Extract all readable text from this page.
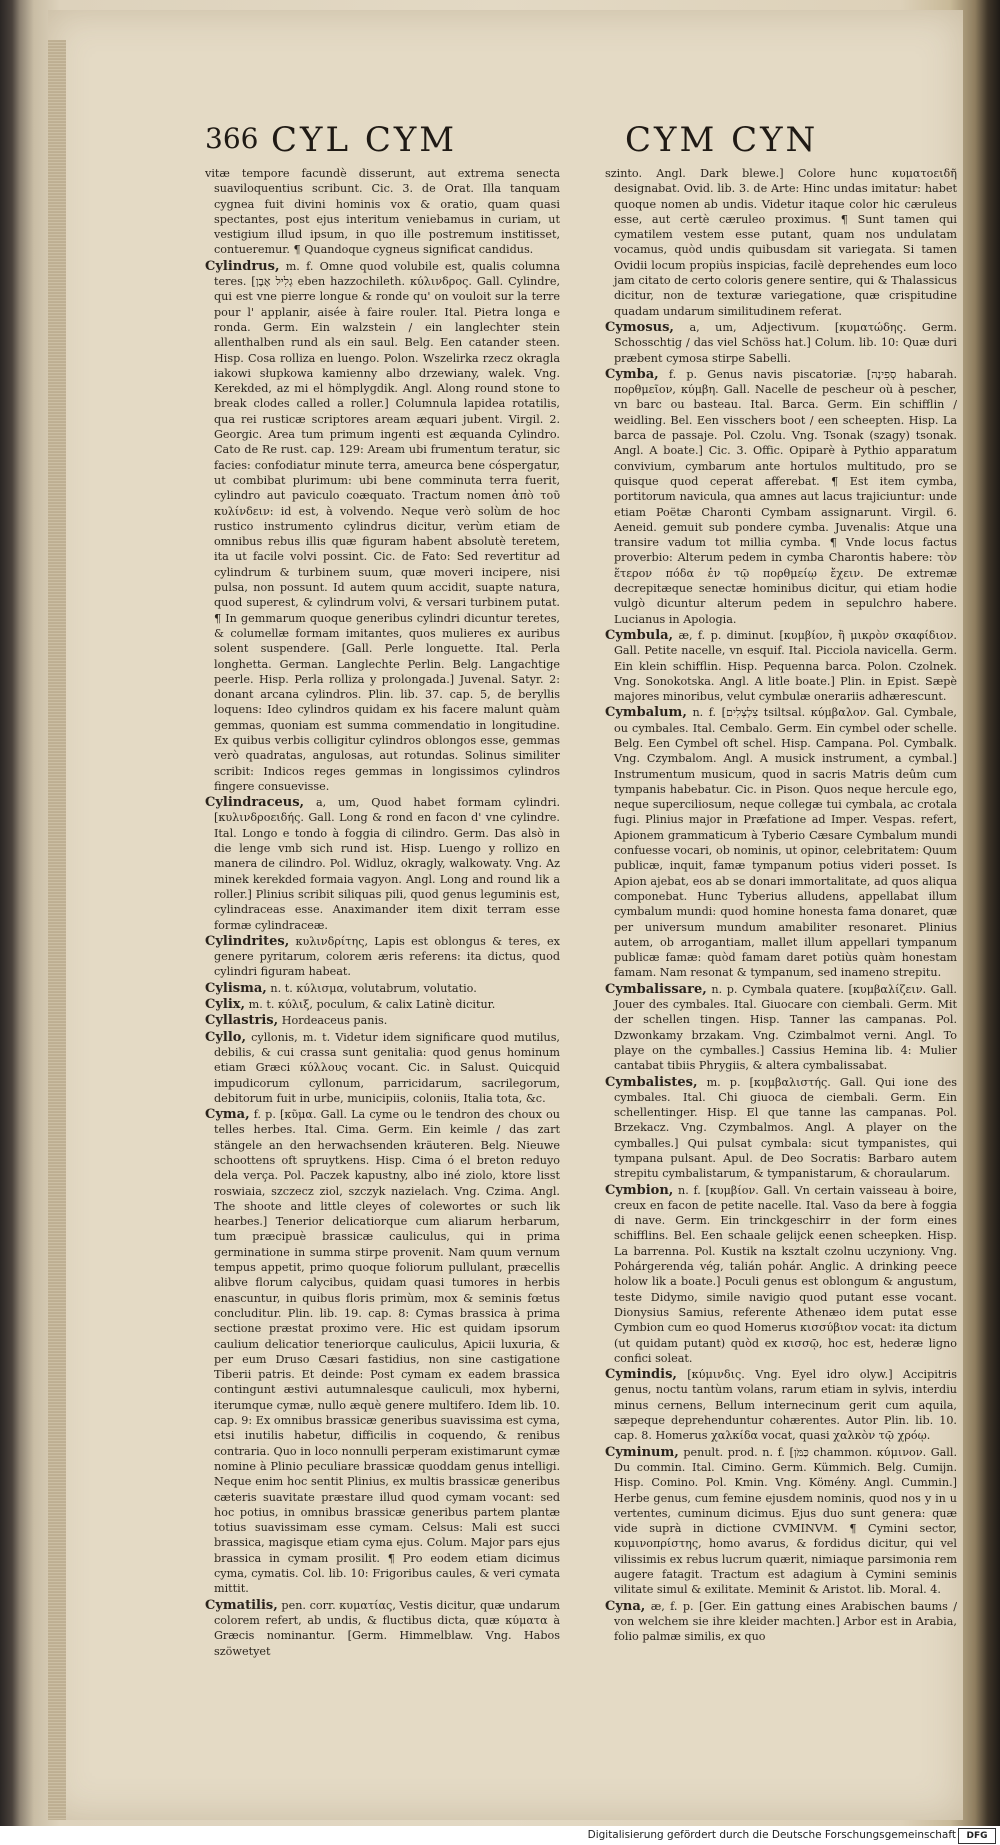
366 CYL CYM	CYM CYN

vitæ tempore facundè disserunt, aut extrema senecta suaviloquentius scribunt. Cic. 3. de Orat. Illa tanquam cygnea fuit divini hominis vox & oratio, quam quasi spectantes, post ejus interitum veniebamus in curiam, ut vestigium illud ipsum, in quo ille postremum institisset, contueremur. ¶ Quandoque cygneus significat candidus.

Cylindrus, m. f. Omne quod volubile est, qualis columna teres. [גְלִיל אֶבֶן eben hazzochileth. κύλινδρος. Gall. Cylindre, qui est vne pierre longue & ronde qu' on vouloit sur la terre pour l' applanir, aisée à faire rouler. Ital. Pietra longa e ronda. Germ. Ein walzstein / ein langlechter stein allenthalben rund als ein saul. Belg. Een catander steen. Hisp. Cosa rolliza en luengo. Polon. Wszelirka rzecz okragla iakowi słupkowa kamienny albo drzewiany, walek. Vng. Kerekded, az mi el hömplygdik. Angl. Along round stone to break clodes called a roller.] Columnula lapidea rotatilis, qua rei rusticæ scriptores aream æquari jubent. Virgil. 2. Georgic. Area tum primum ingenti est æquanda Cylindro. Cato de Re rust. cap. 129: Aream ubi frumentum teratur, sic facies: confodiatur minute terra, ameurca bene cóspergatur, ut combibat plurimum: ubi bene comminuta terra fuerit, cylindro aut paviculo coæquato. Tractum nomen ἀπὸ τοῦ κυλίνδειν: id est, à volvendo. Neque verò solùm de hoc rustico instrumento cylindrus dicitur, verùm etiam de omnibus rebus illis quæ figuram habent absolutè teretem, ita ut facile volvi possint. Cic. de Fato: Sed revertitur ad cylindrum & turbinem suum, quæ moveri incipere, nisi pulsa, non possunt. Id autem quum accidit, suapte natura, quod superest, & cylindrum volvi, & versari turbinem putat. ¶ In gemmarum quoque generibus cylindri dicuntur teretes, & columellæ formam imitantes, quos mulieres ex auribus solent suspendere. [Gall. Perle longuette. Ital. Perla longhetta. German. Langlechte Perlin. Belg. Langachtige peerle. Hisp. Perla rolliza y prolongada.] Juvenal. Satyr. 2: donant arcana cylindros. Plin. lib. 37. cap. 5, de beryllis loquens: Ideo cylindros quidam ex his facere malunt quàm gemmas, quoniam est summa commendatio in longitudine. Ex quibus verbis colligitur cylindros oblongos esse, gemmas verò quadratas, angulosas, aut rotundas. Solinus similiter scribit: Indicos reges gemmas in longissimos cylindros fingere consuevisse.

Cylindraceus, a, um, Quod habet formam cylindri. [κυλινδροειδής. Gall. Long & rond en facon d' vne cylindre. Ital. Longo e tondo à foggia di cilindro. Germ. Das alsò in die lenge vmb sich rund ist. Hisp. Luengo y rollizo en manera de cilindro. Pol. Widluz, okragly, walkowaty. Vng. Az minek kerekded formaia vagyon. Angl. Long and round lik a roller.] Plinius scribit siliquas pili, quod genus leguminis est, cylindraceas esse. Anaximander item dixit terram esse formæ cylindraceæ.

Cylindrites, κυλινδρίτης, Lapis est oblongus & teres, ex genere pyritarum, colorem æris referens: ita dictus, quod cylindri figuram habeat.

Cylisma, n. t. κύλισμα, volutabrum, volutatio.

Cylix, m. t. κύλιξ, poculum, & calix Latinè dicitur.

Cyllastris, Hordeaceus panis.

Cyllo, cyllonis, m. t. Videtur idem significare quod mutilus, debilis, & cui crassa sunt genitalia: quod genus hominum etiam Græci κύλλους vocant. Cic. in Salust. Quicquid impudicorum cyllonum, parricidarum, sacrilegorum, debitorum fuit in urbe, municipiis, coloniis, Italia tota, &c.

Cyma, f. p. [κῦμα. Gall. La cyme ou le tendron des choux ou telles herbes. Ital. Cima. Germ. Ein keimle / das zart stängele an den herwachsenden kräuteren. Belg. Nieuwe schoottens oft spruytkens. Hisp. Cima ó el breton reduyo dela verça. Pol. Paczek kapustny, albo iné ziolo, ktore lisst roswiaia, szczecz ziol, szczyk nazielach. Vng. Czima. Angl. The shoote and little cleyes of colewortes or such lik hearbes.] Tenerior delicatiorque cum aliarum herbarum, tum præcipuè brassicæ cauliculus, qui in prima germinatione in summa stirpe provenit. Nam quum vernum tempus appetit, primo quoque foliorum pullulant, præcellis alibve florum calycibus, quidam quasi tumores in herbis enascuntur, in quibus floris primùm, mox & seminis fœtus concluditur. Plin. lib. 19. cap. 8: Cymas brassica à prima sectione præstat proximo vere. Hic est quidam ipsorum caulium delicatior teneriorque cauliculus, Apicii luxuria, & per eum Druso Cæsari fastidius, non sine castigatione Tiberii patris. Et deinde: Post cymam ex eadem brassica contingunt æstivi autumnalesque cauliculi, mox hyberni, iterumque cymæ, nullo æquè genere multifero. Idem lib. 10. cap. 9: Ex omnibus brassicæ generibus suavissima est cyma, etsi inutilis habetur, difficilis in coquendo, & renibus contraria. Quo in loco nonnulli perperam existimarunt cymæ nomine à Plinio peculiare brassicæ quoddam genus intelligi. Neque enim hoc sentit Plinius, ex multis brassicæ generibus cæteris suavitate præstare illud quod cymam vocant: sed hoc potius, in omnibus brassicæ generibus partem plantæ totius suavissimam esse cymam. Celsus: Mali est succi brassica, magisque etiam cyma ejus. Colum. Major pars ejus brassica in cymam prosilit. ¶ Pro eodem etiam dicimus cyma, cymatis. Col. lib. 10: Frigoribus caules, & veri cymata mittit.

Cymatilis, pen. corr. κυματίας, Vestis dicitur, quæ undarum colorem refert, ab undis, & fluctibus dicta, quæ κύματα à Græcis nominantur. [Germ. Himmelblaw. Vng. Habos szöwetyet

szinto. Angl. Dark blewe.] Colore hunc κυματοειδῆ designabat. Ovid. lib. 3. de Arte: Hinc undas imitatur: habet quoque nomen ab undis. Videtur itaque color hic cæruleus esse, aut certè cæruleo proximus. ¶ Sunt tamen qui cymatilem vestem esse putant, quam nos undulatam vocamus, quòd undis quibusdam sit variegata. Si tamen Ovidii locum propiùs inspicias, facilè deprehendes eum loco jam citato de certo coloris genere sentire, qui & Thalassicus dicitur, non de texturæ variegatione, quæ crispitudine quadam undarum similitudinem referat.

Cymosus, a, um, Adjectivum. [κυματώδης. Germ. Schosschtig / das viel Schöss hat.] Colum. lib. 10: Quæ duri præbent cymosa stirpe Sabelli.

Cymba, f. p. Genus navis piscatoriæ. [סְפִינָה habarah. πορθμεῖον, κύμβη. Gall. Nacelle de pescheur où à pescher, vn barc ou basteau. Ital. Barca. Germ. Ein schifflin / weidling. Bel. Een visschers boot / een scheepten. Hisp. La barca de passaje. Pol. Czolu. Vng. Tsonak (szagy) tsonak. Angl. A boate.] Cic. 3. Offic. Opiparè à Pythio apparatum convivium, cymbarum ante hortulos multitudo, pro se quisque quod ceperat afferebat. ¶ Est item cymba, portitorum navicula, qua amnes aut lacus trajiciuntur: unde etiam Poëtæ Charonti Cymbam assignarunt. Virgil. 6. Aeneid. gemuit sub pondere cymba. Juvenalis: Atque una transire vadum tot millia cymba. ¶ Vnde locus factus proverbio: Alterum pedem in cymba Charontis habere: τὸν ἕτερον πόδα ἐν τῷ πορθμείῳ ἔχειν. De extremæ decrepitæque senectæ hominibus dicitur, qui etiam hodie vulgò dicuntur alterum pedem in sepulchro habere. Lucianus in Apologia.

Cymbula, æ, f. p. diminut. [κυμβίον, ἢ μικρὸν σκαφίδιον. Gall. Petite nacelle, vn esquif. Ital. Picciola navicella. Germ. Ein klein schifflin. Hisp. Pequenna barca. Polon. Czolnek. Vng. Sonokotska. Angl. A litle boate.] Plin. in Epist. Sæpè majores minoribus, velut cymbulæ onerariis adhærescunt.

Cymbalum, n. f. [צִלְצְלִים tsiltsal. κύμβαλον. Gal. Cymbale, ou cymbales. Ital. Cembalo. Germ. Ein cymbel oder schelle. Belg. Een Cymbel oft schel. Hisp. Campana. Pol. Cymbalk. Vng. Czymbalom. Angl. A musick instrument, a cymbal.] Instrumentum musicum, quod in sacris Matris deûm cum tympanis habebatur. Cic. in Pison. Quos neque hercule ego, neque superciliosum, neque collegæ tui cymbala, ac crotala fugi. Plinius major in Præfatione ad Imper. Vespas. refert, Apionem grammaticum à Tyberio Cæsare Cymbalum mundi confuesse vocari, ob nominis, ut opinor, celebritatem: Quum publicæ, inquit, famæ tympanum potius videri posset. Is Apion ajebat, eos ab se donari immortalitate, ad quos aliqua componebat. Hunc Tyberius alludens, appellabat illum cymbalum mundi: quod homine honesta fama donaret, quæ per universum mundum amabiliter resonaret. Plinius autem, ob arrogantiam, mallet illum appellari tympanum publicæ famæ: quòd famam daret potiùs quàm honestam famam. Nam resonat & tympanum, sed inameno strepitu.

Cymbalissare, n. p. Cymbala quatere. [κυμβαλίζειν. Gall. Jouer des cymbales. Ital. Giuocare con ciembali. Germ. Mit der schellen tingen. Hisp. Tanner las campanas. Pol. Dzwonkamy brzakam. Vng. Czimbalmot verni. Angl. To playe on the cymballes.] Cassius Hemina lib. 4: Mulier cantabat tibiis Phrygiis, & altera cymbalissabat.

Cymbalistes, m. p. [κυμβαλιστής. Gall. Qui ione des cymbales. Ital. Chi giuoca de ciembali. Germ. Ein schellentinger. Hisp. El que tanne las campanas. Pol. Brzekacz. Vng. Czymbalmos. Angl. A player on the cymballes.] Qui pulsat cymbala: sicut tympanistes, qui tympana pulsant. Apul. de Deo Socratis: Barbaro autem strepitu cymbalistarum, & tympanistarum, & choraularum.

Cymbion, n. f. [κυμβίον. Gall. Vn certain vaisseau à boire, creux en facon de petite nacelle. Ital. Vaso da bere à foggia di nave. Germ. Ein trinckgeschirr in der form eines schifflins. Bel. Een schaale gelijck eenen scheepken. Hisp. La barrenna. Pol. Kustik na ksztalt czolnu uczyniony. Vng. Pohárgerenda vég, talián pohár. Anglic. A drinking peece holow lik a boate.] Poculi genus est oblongum & angustum, teste Didymo, simile navigio quod putant esse vocant. Dionysius Samius, referente Athenæo idem putat esse Cymbion cum eo quod Homerus κισσύβιον vocat: ita dictum (ut quidam putant) quòd ex κισσῷ, hoc est, hederæ ligno confici soleat.

Cymindis, [κύμινδις. Vng. Eyel idro olyw.] Accipitris genus, noctu tantùm volans, rarum etiam in sylvis, interdiu minus cernens, Bellum internecinum gerit cum aquila, sæpeque deprehenduntur cohærentes. Autor Plin. lib. 10. cap. 8. Homerus χαλκίδα vocat, quasi χαλκὸν τῷ χρόῳ.

Cyminum, penult. prod. n. f. [כַּמֹּן chammon. κύμινον. Gall. Du commin. Ital. Cimino. Germ. Kümmich. Belg. Cumijn. Hisp. Comino. Pol. Kmin. Vng. Kömény. Angl. Cummin.] Herbe genus, cum femine ejusdem nominis, quod nos y in u vertentes, cuminum dicimus. Ejus duo sunt genera: quæ vide suprà in dictione CVMINVM. ¶ Cymini sector, κυμινοπρίστης, homo avarus, & fordidus dicitur, qui vel vilissimis ex rebus lucrum quærit, nimiaque parsimonia rem augere fatagit. Tractum est adagium à Cymini seminis vilitate simul & exilitate. Meminit & Aristot. lib. Moral. 4.

Cyna, æ, f. p. [Ger. Ein gattung eines Arabischen baums / von welchem sie ihre kleider machten.] Arbor est in Arabia, folio palmæ similis, ex quo

Digitalisierung gefördert durch die Deutsche Forschungsgemeinschaft	DFG
